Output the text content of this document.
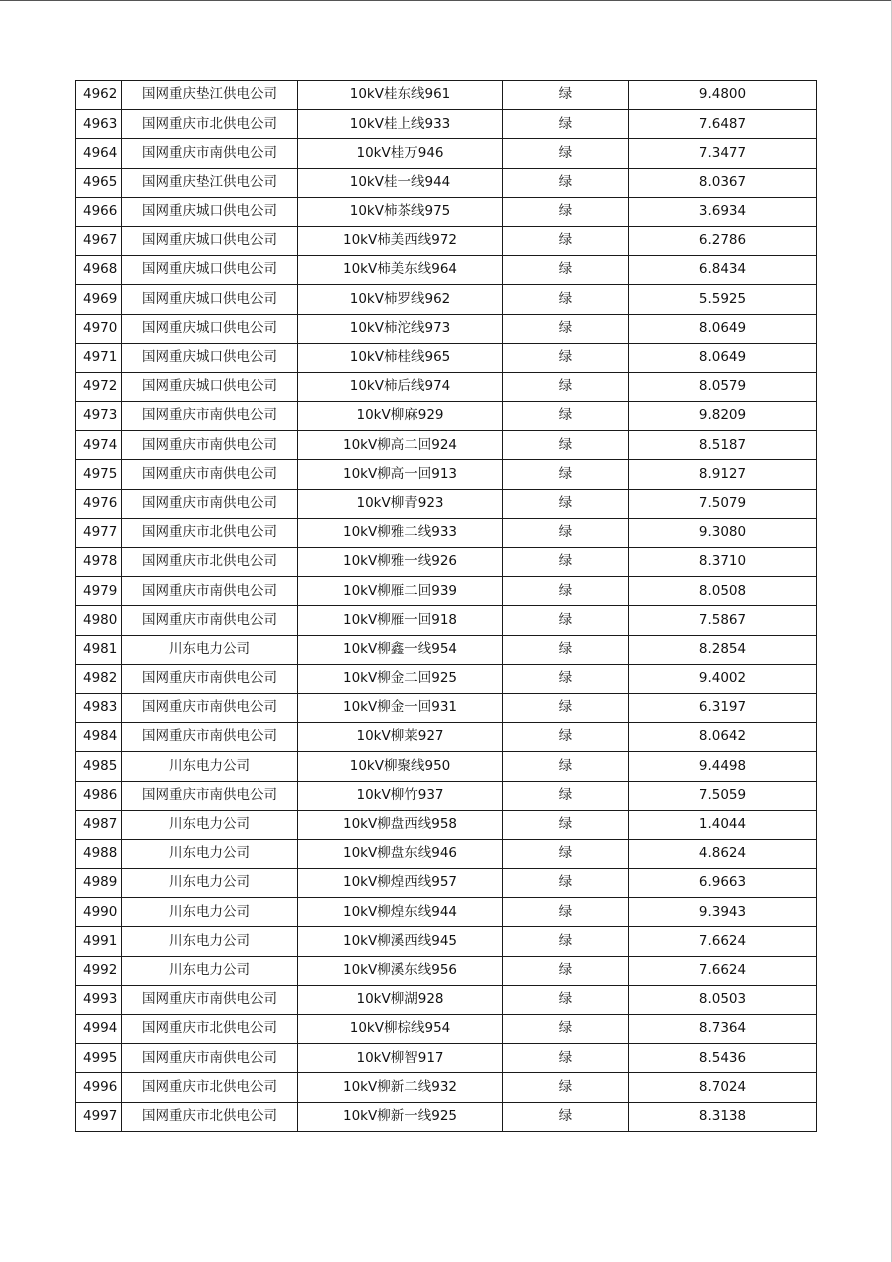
4962	国网重庆垫江供电公司	10kV桂东线961	绿	9.4800
4963	国网重庆市北供电公司	10kV桂上线933	绿	7.6487
4964	国网重庆市南供电公司	10kV桂万946	绿	7.3477
4965	国网重庆垫江供电公司	10kV桂一线944	绿	8.0367
4966	国网重庆城口供电公司	10kV柿茶线975	绿	3.6934
4967	国网重庆城口供电公司	10kV柿美西线972	绿	6.2786
4968	国网重庆城口供电公司	10kV柿美东线964	绿	6.8434
4969	国网重庆城口供电公司	10kV柿罗线962	绿	5.5925
4970	国网重庆城口供电公司	10kV柿沱线973	绿	8.0649
4971	国网重庆城口供电公司	10kV柿桂线965	绿	8.0649
4972	国网重庆城口供电公司	10kV柿后线974	绿	8.0579
4973	国网重庆市南供电公司	10kV柳麻929	绿	9.8209
4974	国网重庆市南供电公司	10kV柳高二回924	绿	8.5187
4975	国网重庆市南供电公司	10kV柳高一回913	绿	8.9127
4976	国网重庆市南供电公司	10kV柳青923	绿	7.5079
4977	国网重庆市北供电公司	10kV柳雅二线933	绿	9.3080
4978	国网重庆市北供电公司	10kV柳雅一线926	绿	8.3710
4979	国网重庆市南供电公司	10kV柳雁二回939	绿	8.0508
4980	国网重庆市南供电公司	10kV柳雁一回918	绿	7.5867
4981	川东电力公司	10kV柳鑫一线954	绿	8.2854
4982	国网重庆市南供电公司	10kV柳金二回925	绿	9.4002
4983	国网重庆市南供电公司	10kV柳金一回931	绿	6.3197
4984	国网重庆市南供电公司	10kV柳莱927	绿	8.0642
4985	川东电力公司	10kV柳聚线950	绿	9.4498
4986	国网重庆市南供电公司	10kV柳竹937	绿	7.5059
4987	川东电力公司	10kV柳盘西线958	绿	1.4044
4988	川东电力公司	10kV柳盘东线946	绿	4.8624
4989	川东电力公司	10kV柳煌西线957	绿	6.9663
4990	川东电力公司	10kV柳煌东线944	绿	9.3943
4991	川东电力公司	10kV柳溪西线945	绿	7.6624
4992	川东电力公司	10kV柳溪东线956	绿	7.6624
4993	国网重庆市南供电公司	10kV柳湖928	绿	8.0503
4994	国网重庆市北供电公司	10kV柳棕线954	绿	8.7364
4995	国网重庆市南供电公司	10kV柳智917	绿	8.5436
4996	国网重庆市北供电公司	10kV柳新二线932	绿	8.7024
4997	国网重庆市北供电公司	10kV柳新一线925	绿	8.3138
